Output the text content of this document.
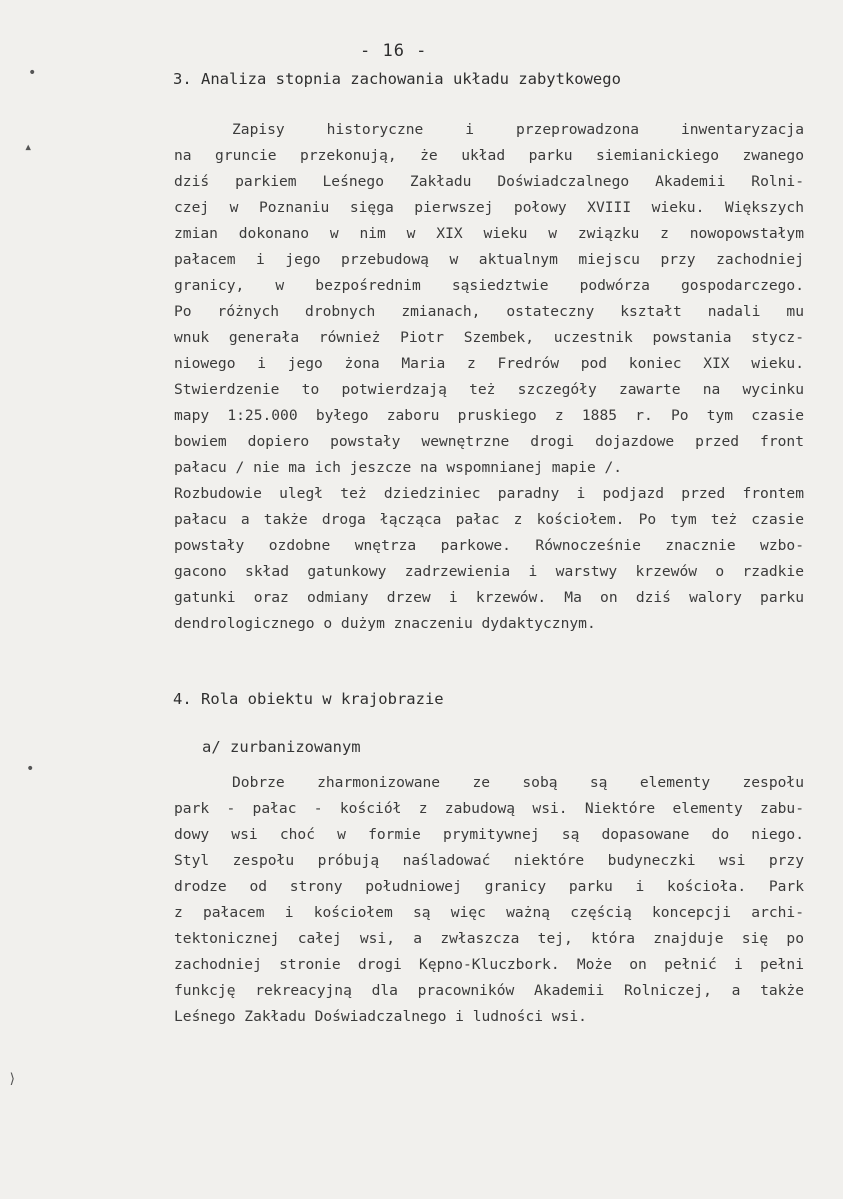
- 16 -
3. Analiza stopnia zachowania układu zabytkowego
Zapisy historyczne i przeprowadzona inwentaryzacja
na gruncie przekonują, że układ parku siemianickiego zwanego
dziś parkiem Leśnego Zakładu Doświadczalnego Akademii Rolni-
czej w Poznaniu sięga pierwszej połowy XVIII wieku. Większych
zmian dokonano w nim w XIX wieku w związku z nowopowstałym
pałacem i jego przebudową w aktualnym miejscu przy zachodniej
granicy, w bezpośrednim sąsiedztwie podwórza gospodarczego.
Po różnych drobnych zmianach, ostateczny kształt nadali mu
wnuk generała również Piotr Szembek, uczestnik powstania stycz-
niowego i jego żona Maria z Fredrów pod koniec XIX wieku.
Stwierdzenie to potwierdzają też szczegóły zawarte na wycinku
mapy 1:25.000 byłego zaboru pruskiego z 1885 r. Po tym czasie
bowiem dopiero powstały wewnętrzne drogi dojazdowe przed front
pałacu / nie ma ich jeszcze na wspomnianej mapie /.
Rozbudowie uległ też dziedziniec paradny i podjazd przed frontem
pałacu a także droga łącząca pałac z kościołem. Po tym też czasie
powstały ozdobne wnętrza parkowe. Równocześnie znacznie wzbo-
gacono skład gatunkowy zadrzewienia i warstwy krzewów o rzadkie
gatunki oraz odmiany drzew i krzewów. Ma on dziś walory parku
dendrologicznego o dużym znaczeniu dydaktycznym.
4. Rola obiektu w krajobrazie
a/ zurbanizowanym
Dobrze zharmonizowane ze sobą są elementy zespołu
park - pałac - kościół z zabudową wsi. Niektóre elementy zabu-
dowy wsi choć w formie prymitywnej są dopasowane do niego.
Styl zespołu próbują naśladować niektóre budyneczki wsi przy
drodze od strony południowej granicy parku i kościoła. Park
z pałacem i kościołem są więc ważną częścią koncepcji archi-
tektonicznej całej wsi, a zwłaszcza tej, która znajduje się po
zachodniej stronie drogi Kępno-Kluczbork. Może on pełnić i pełni
funkcję rekreacyjną dla pracowników Akademii Rolniczej, a także
Leśnego Zakładu Doświadczalnego i ludności wsi.
•
▴
•
⟩
